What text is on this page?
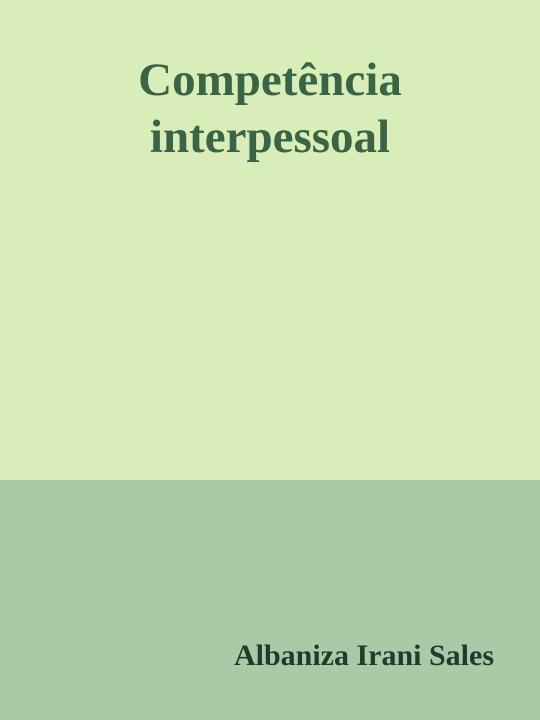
Competência
interpessoal

Albaniza Irani Sales
